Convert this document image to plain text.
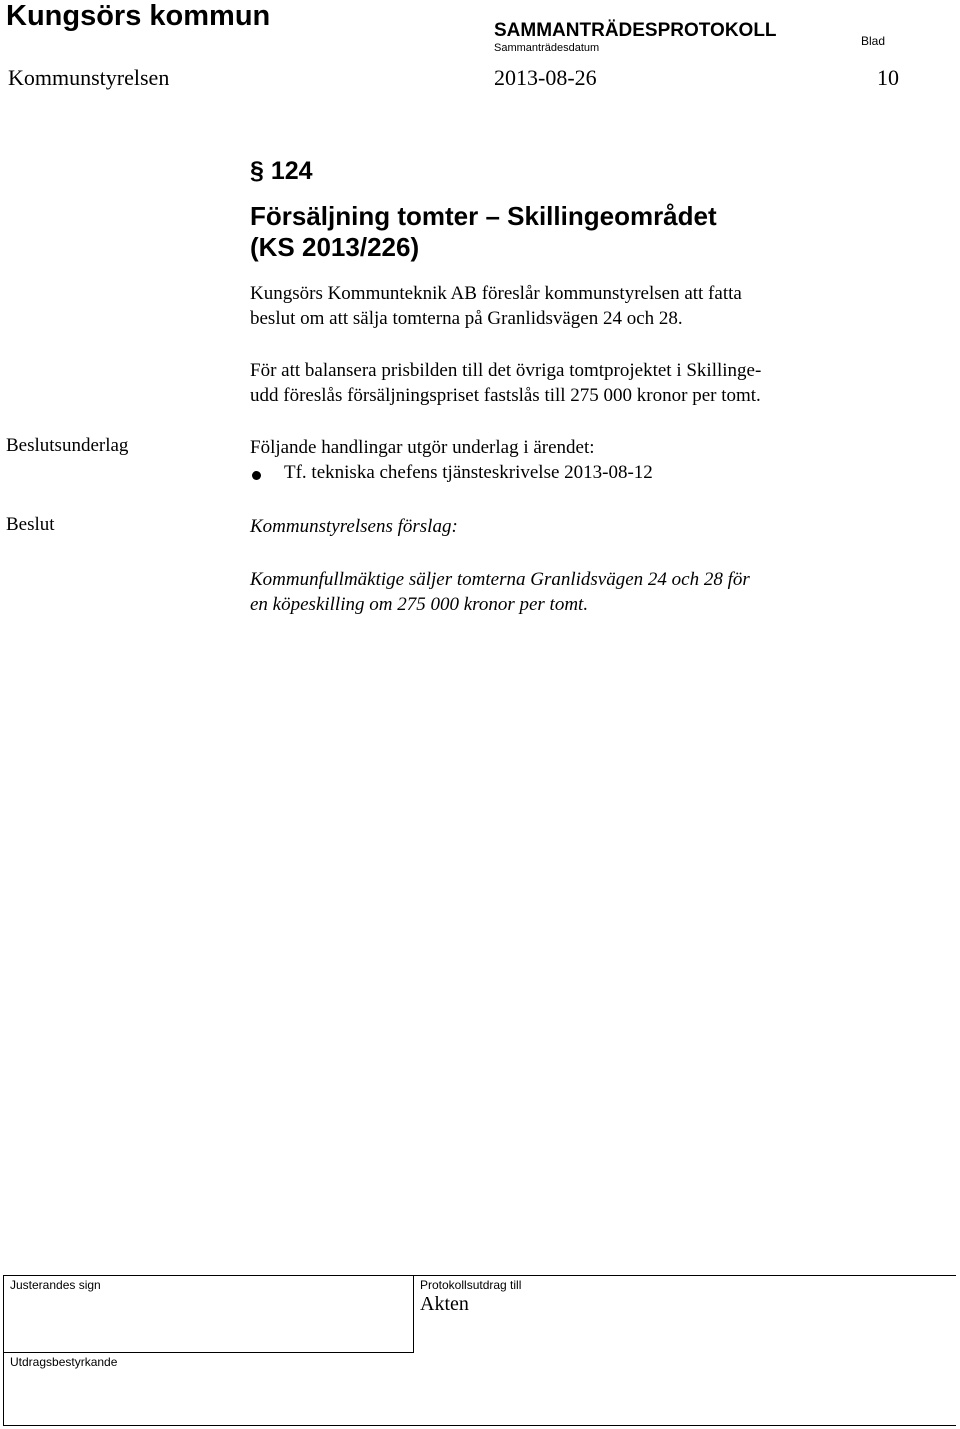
Kungsörs kommun	SAMMANTRÄDESPROTOKOLL
Sammanträdesdatum	Blad
Kommunstyrelsen	2013-08-26	10
§ 124
Försäljning tomter – Skillingeområdet
(KS 2013/226)
Kungsörs Kommunteknik AB föreslår kommunstyrelsen att fatta
beslut om att sälja tomterna på Granlidsvägen 24 och 28.
För att balansera prisbilden till det övriga tomtprojektet i Skillinge-
udd föreslås försäljningspriset fastslås till 275 000 kronor per tomt.
Beslutsunderlag	Följande handlingar utgör underlag i ärendet:
Tf. tekniska chefens tjänsteskrivelse 2013-08-12
Beslut	Kommunstyrelsens förslag:
Kommunfullmäktige säljer tomterna Granlidsvägen 24 och 28 för
en köpeskilling om 275 000 kronor per tomt.
Justerandes sign	Protokollsutdrag till
Akten
Utdragsbestyrkande
